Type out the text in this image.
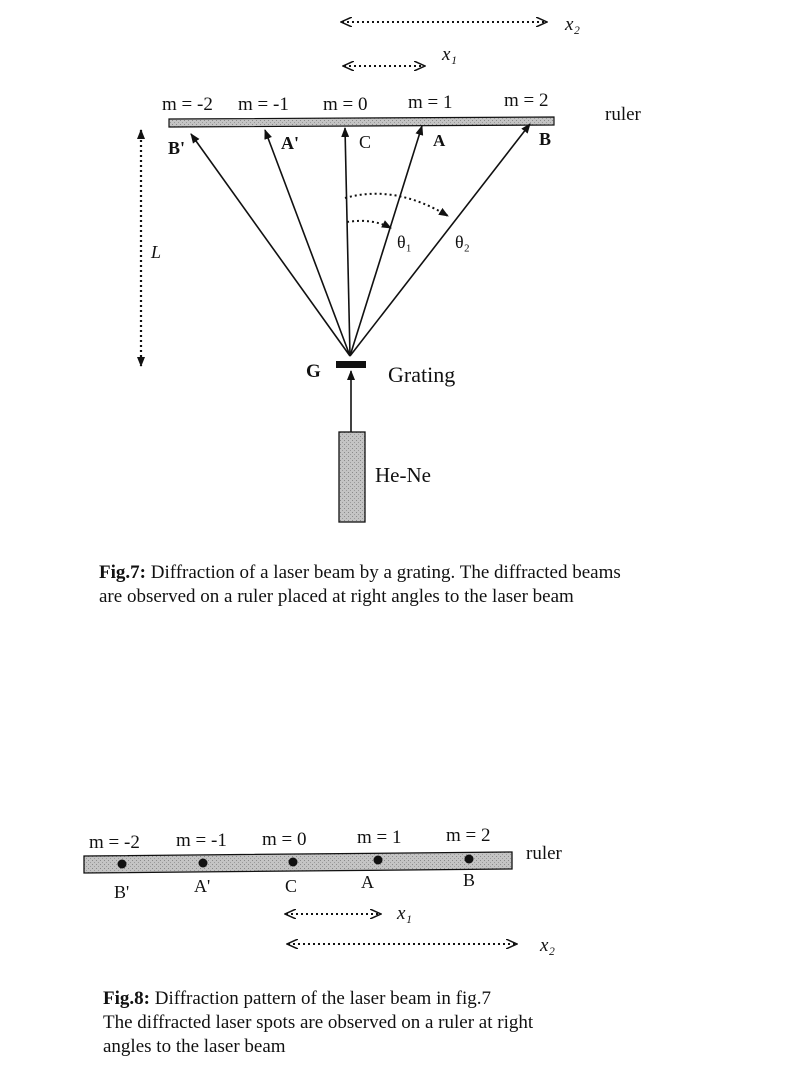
x₂
x₁
m = -2 m = -1 m = 0 m = 1	m = 2
ruler
B'	A'	C	A	B
θ₁ θ₂
L
G	Grating
He-Ne
m = -2 m = -1 m = 0	m = 1 m = 2
ruler
B'	A'	C	A	B
x₁
x₂
Fig.7: Diffraction of a laser beam by a grating. The diffracted beams
are observed on a ruler placed at right angles to the laser beam
Fig.8: Diffraction pattern of the laser beam in fig.7
The diffracted laser spots are observed on a ruler at right
angles to the laser beam
